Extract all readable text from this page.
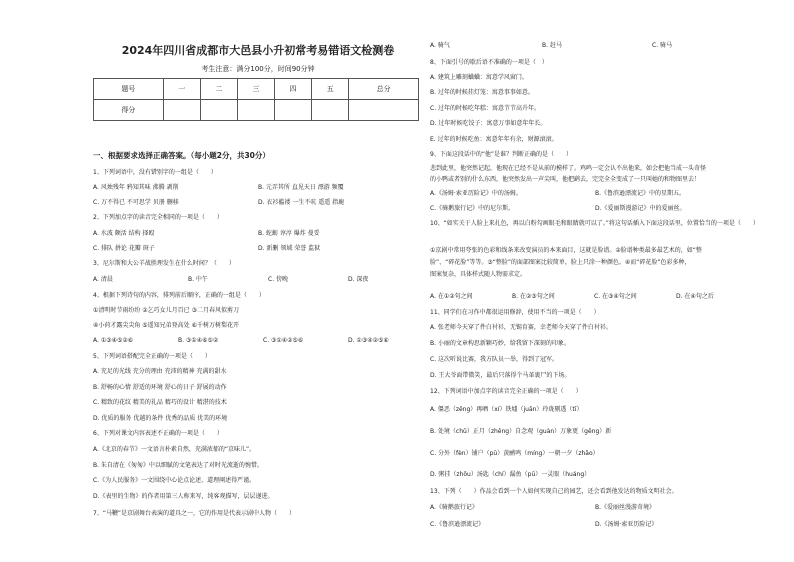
2024年四川省成都市大邑县小升初常考易错语文检测卷
考生注意：满分100分，时间90分钟
题号	一	二	三	四	五	总分
得分						
一、根据要求选择正确答案。（每小题2分，共30分）
1、下列词语中，没有错别字的一组是（　　）
A. 风烛残年 鸦知其味 沸腾 剥削	B. 元弄其所 直见天日 漂游 频覆
C. 万不得已 不可思学 贝册 删移	D. 衣衫褴褛 一生不吭 遥遥 指鹿
2、下列加点字的读音完全相同的一项是（　　）
A. 水波 颇活 结构 择殴	B. 蛇蛎 谆淳 爆炸 曼妥
C. 排队 拼论 花瓣 斑子	D. 新删 领域 荣誉 监狱
3、尼尔斯和大公羊战胜理发生在什么时间？（　　）
A. 清晨	B. 中午	C. 傍晚	D. 深夜
4、根据下列诗句的内容，排列前后顺序，正确的一组是（　　）
①清明时节雨纷纷 ②乞巧女儿月百已 ③二月春风似剪刀
④小荷才露尖尖角 ⑤遥知兄弟登高处 ⑥千树万树梨花开
A. ①③④⑤②⑥	B. ③①④⑥⑤②	C. ③①④②⑤⑥	D. ①③④②⑤⑥
5、下列词语搭配完全正确的一项是（　　）
A. 充足的光线 充分的理由 充沛的精神 充满的甜水
B. 舒畅的心情 舒适的环境 舒心的日子 舒展的动作
C. 精致的花纹 精美的礼品 精巧的设计 精湛的技术
D. 优质的服务 优越的条件 优秀的品质 优美的环境
6、下列对课文内容表述不正确的一项是（　　）
A.《北京的春节》一文语言朴素自然，充满浓郁的“京味儿”。
B. 朱自清在《匆匆》中以细腻的文笔表达了对时光流逝的惋惜。
C.《为人民服务》一文围绕中心论点论述，道理阐述得严谨。
D.《表里的生物》的作者用第三人称来写，纯客观描写，层层递进。
7、“马鞭”是京剧舞台表演的道具之一，它的作用是代表示剧中人物（　　）
A. 骑气	B. 赶马	C. 骑马
8、下面引号的歇后语不准确的一项是（　）
A. 建筑上雕刻蛐蛐：寓意学风窗门。
B. 过年的时候挂灯笼：寓意事事如意。
C. 过年的时候吃年糕：寓意节节高升年。
D. 过年时候吃饺子：寓意万事如意年年长。
E. 过年的时候吃鱼：寓意年年有余，财源滚滚。
9、下面这段话中的“他”是谁？判断正确的是（　　）
悲到此里，他突然记起，他现在已经不是从前的模样了。鸡鸣一定会认不出他来，如会把他当成一头奇怪
的小鸭或者别的什么东西，他突然发出一声尖叫，他把鹞去，完完全全变成了一只叫她的和物图里去！
A.《汤姆·索亚历险记》中的汤姆。	B.《鲁滨逊漂流记》中的星期五。
C.《骑鹅旅行记》中的尼尔斯。	D.《爱丽斯漫游记》中的爱丽丝。
10、“如实关于人脸上来扎色，再以白粉勾画眼毛和眼睛就可以了。”将这句话插入下面这段话里，位置恰当的一项是（　　）
①京剧中常用夸张的色彩和线条来改变演员的本来面目，这就是脸谱。②脸谱种类最多最艺术的，如“整
脸”、“碎花脸”等等。③“整脸”的面部图案比较简单，脸上只涂一种颜色。④而“碎花脸”色彩多种，
图案复杂，具体样式随人物需求定。
A. 在①②句之间	B. 在②③句之间	C. 在③④句之间	D. 在④句之后
11、同学们在习作中都很运用修辞，使用不当的一项是（　　）
A. 张老师今天穿了件白衬衫，无锡育赛，幸老师今天穿了件白衬衫。
B. 小丽的文章构思新颖巧妙，给我留下深刻的印象。
C. 这次听说比赛，我方队员一举，得到了冠军。
D. 王大爷面带微笑，最后只落得个马革裹尸的下场。
12、下列词语中加点字的读音完全正确的一项是（　　）
A. 僵恶（zēng）再晒（xí）铁墟（juān）玲珑剔透（tī）
B. 处境（chǔ）正月（zhēng）自念观（guàn）万象更（gēng）新
C. 分外（fèn）铺户（pū）黄鹂鸣（míng）一朝一夕（zhāo）
D. 粥挂（zhōu）汤匙（chí）漏鱼（pū）一灵眼（huáng）
13、下列（　　）作品会看到一个人如何实现自己的园艺，还会看到他发达的物质文明社会。
A.《骑鹅旅行记》	B.《爱丽丝漫游奇境》
C.《鲁滨逊漂流记》	D.《汤姆·索亚历险记》
